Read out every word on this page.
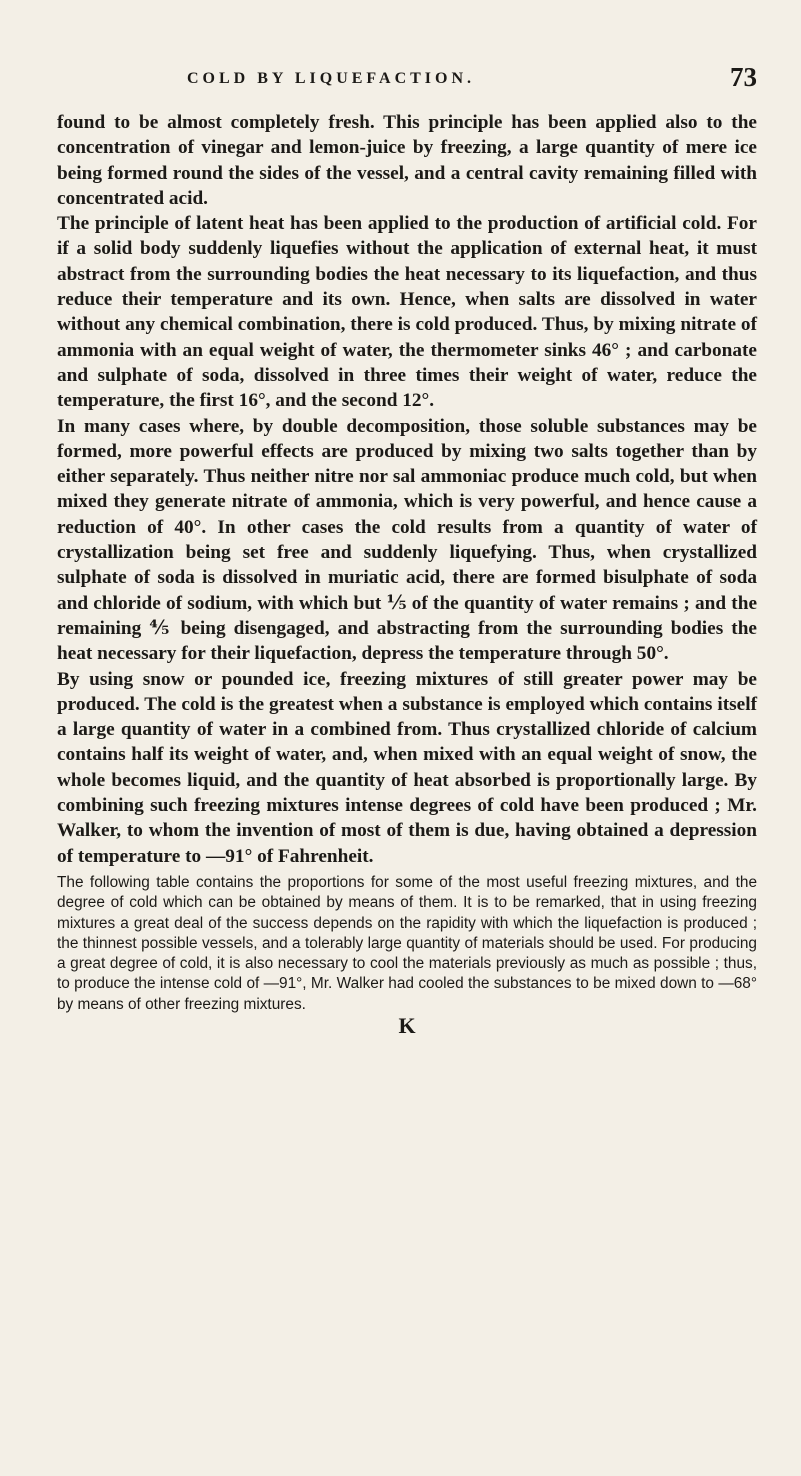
COLD BY LIQUEFACTION.	73

found to be almost completely fresh. This principle has been applied also to the concentration of vinegar and lemon-juice by freezing, a large quantity of mere ice being formed round the sides of the vessel, and a central cavity remaining filled with concentrated acid.

The principle of latent heat has been applied to the production of artificial cold. For if a solid body suddenly liquefies without the application of external heat, it must abstract from the surrounding bodies the heat necessary to its liquefaction, and thus reduce their temperature and its own. Hence, when salts are dissolved in water without any chemical combination, there is cold produced. Thus, by mixing nitrate of ammonia with an equal weight of water, the thermometer sinks 46° ; and carbonate and sulphate of soda, dissolved in three times their weight of water, reduce the temperature, the first 16°, and the second 12°.

In many cases where, by double decomposition, those soluble substances may be formed, more powerful effects are produced by mixing two salts together than by either separately. Thus neither nitre nor sal ammoniac produce much cold, but when mixed they generate nitrate of ammonia, which is very powerful, and hence cause a reduction of 40°. In other cases the cold results from a quantity of water of crystallization being set free and suddenly liquefying. Thus, when crystallized sulphate of soda is dissolved in muriatic acid, there are formed bisulphate of soda and chloride of sodium, with which but ⅕ of the quantity of water remains ; and the remaining ⅘ being disengaged, and abstracting from the surrounding bodies the heat necessary for their liquefaction, depress the temperature through 50°.

By using snow or pounded ice, freezing mixtures of still greater power may be produced. The cold is the greatest when a substance is employed which contains itself a large quantity of water in a combined from. Thus crystallized chloride of calcium contains half its weight of water, and, when mixed with an equal weight of snow, the whole becomes liquid, and the quantity of heat absorbed is proportionally large. By combining such freezing mixtures intense degrees of cold have been produced ; Mr. Walker, to whom the invention of most of them is due, having obtained a depression of temperature to —91° of Fahrenheit.

The following table contains the proportions for some of the most useful freezing mixtures, and the degree of cold which can be obtained by means of them. It is to be remarked, that in using freezing mixtures a great deal of the success depends on the rapidity with which the liquefaction is produced ; the thinnest possible vessels, and a tolerably large quantity of materials should be used. For producing a great degree of cold, it is also necessary to cool the materials previously as much as possible ; thus, to produce the intense cold of —91°, Mr. Walker had cooled the substances to be mixed down to —68° by means of other freezing mixtures.

K
